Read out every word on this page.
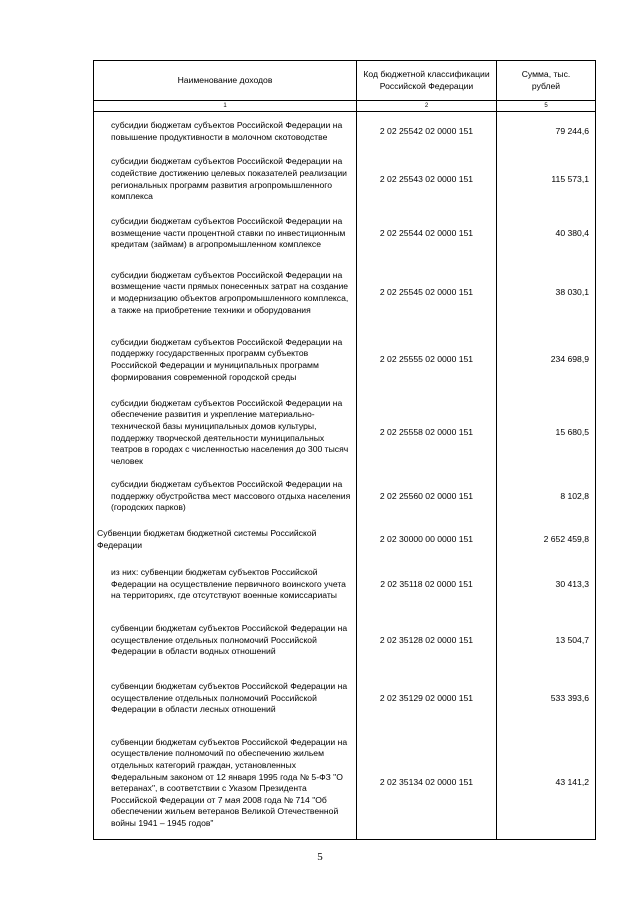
Наименование доходов	Код бюджетной классификации Российской Федерации	Сумма, тыс. рублей
1	2	5
субсидии бюджетам субъектов Российской Федерации на повышение продуктивности в молочном скотоводстве	2 02 25542 02 0000 151	79 244,6
субсидии бюджетам субъектов Российской Федерации на содействие достижению целевых показателей реализации региональных программ развития агропромышленного комплекса	2 02 25543 02 0000 151	115 573,1
субсидии бюджетам субъектов Российской Федерации на возмещение части процентной ставки по инвестиционным кредитам (займам) в агропромышленном комплексе	2 02 25544 02 0000 151	40 380,4
субсидии бюджетам субъектов Российской Федерации на возмещение части прямых понесенных затрат на создание и модернизацию объектов агропромышленного комплекса, а также на приобретение техники и оборудования	2 02 25545 02 0000 151	38 030,1
субсидии бюджетам субъектов Российской Федерации на поддержку государственных программ субъектов Российской Федерации и муниципальных программ формирования современной городской среды	2 02 25555 02 0000 151	234 698,9
субсидии бюджетам субъектов Российской Федерации на обеспечение развития и укрепление материально-технической базы муниципальных домов культуры, поддержку творческой деятельности муниципальных театров в городах с численностью населения до 300 тысяч человек	2 02 25558 02 0000 151	15 680,5
субсидии бюджетам субъектов Российской Федерации на поддержку обустройства мест массового отдыха населения (городских парков)	2 02 25560 02 0000 151	8 102,8
Субвенции бюджетам бюджетной системы Российской Федерации	2 02 30000 00 0000 151	2 652 459,8
из них: субвенции бюджетам субъектов Российской Федерации на осуществление первичного воинского учета на территориях, где отсутствуют военные комиссариаты	2 02 35118 02 0000 151	30 413,3
субвенции бюджетам субъектов Российской Федерации на осуществление отдельных полномочий Российской Федерации в области водных отношений	2 02 35128 02 0000 151	13 504,7
субвенции бюджетам субъектов Российской Федерации на осуществление отдельных полномочий Российской Федерации в области лесных отношений	2 02 35129 02 0000 151	533 393,6
субвенции бюджетам субъектов Российской Федерации на осуществление полномочий по обеспечению жильем отдельных категорий граждан, установленных Федеральным законом от 12 января 1995 года № 5-ФЗ "О ветеранах", в соответствии с Указом Президента Российской Федерации от 7 мая 2008 года № 714 "Об обеспечении жильем ветеранов Великой Отечественной войны 1941 – 1945 годов"	2 02 35134 02 0000 151	43 141,2
5
